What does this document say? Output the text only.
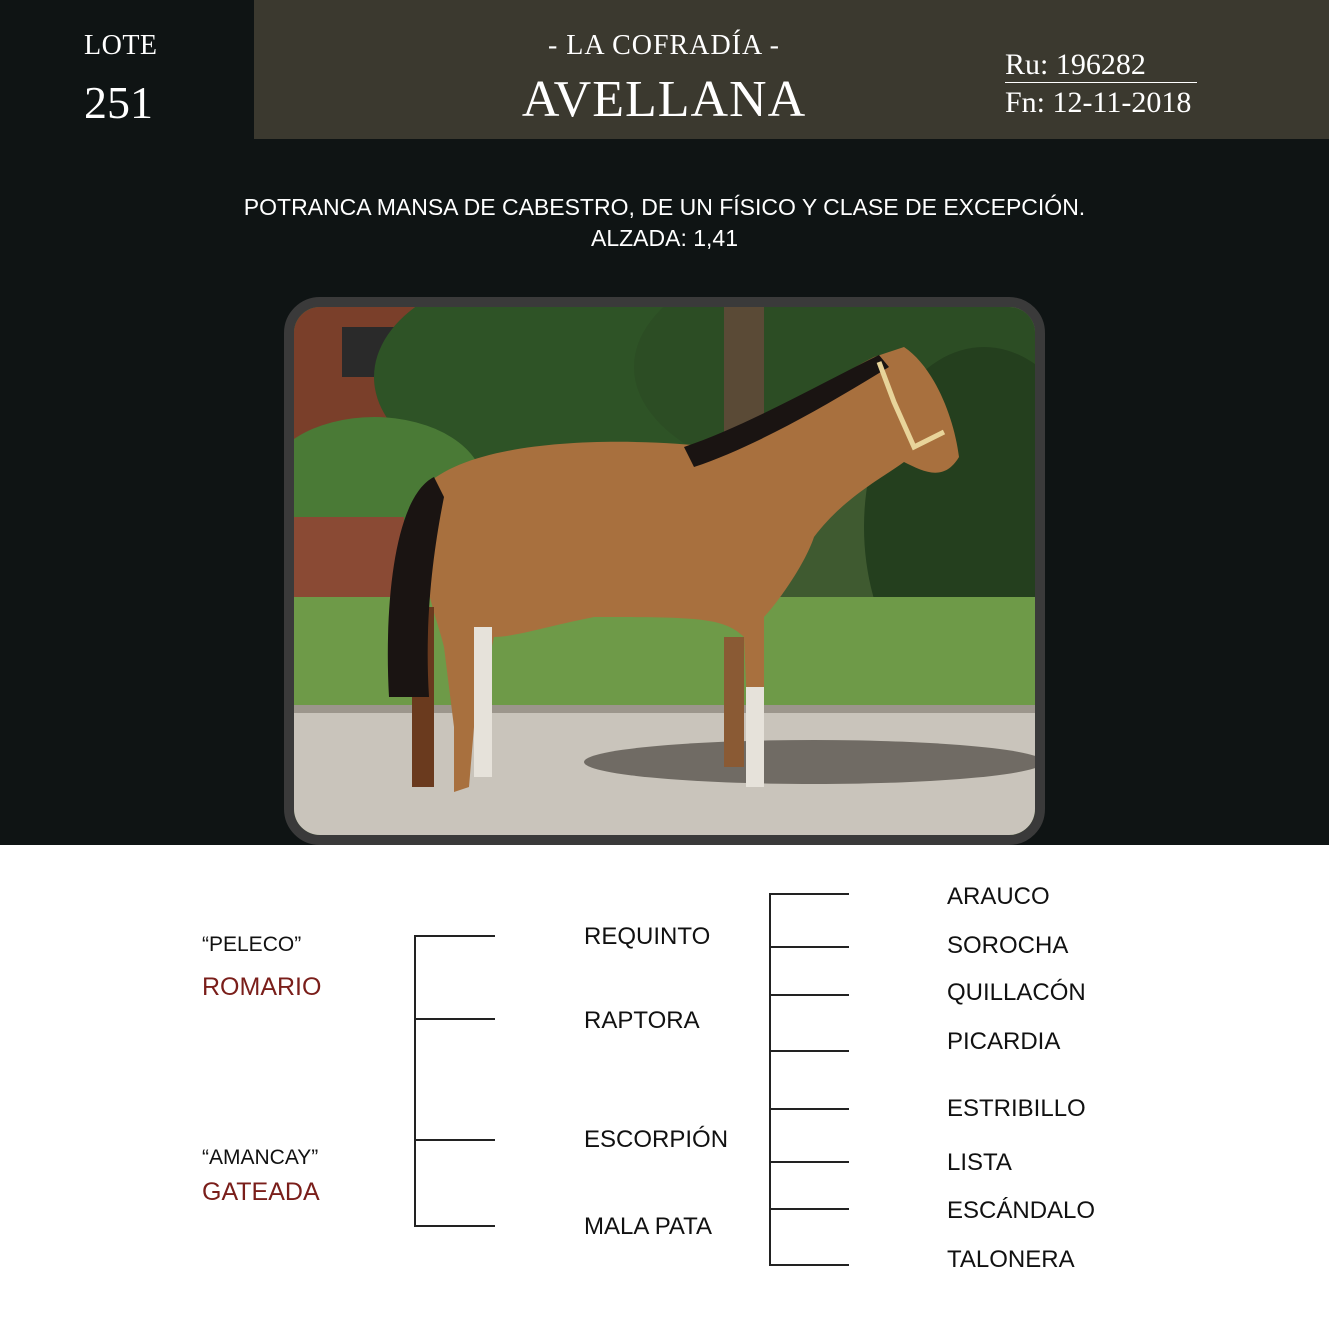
LOTE
251
- LA COFRADÍA -
AVELLANA
Ru: 196282
Fn: 12-11-2018
POTRANCA MANSA DE CABESTRO, DE UN FÍSICO Y CLASE DE EXCEPCIÓN.
ALZADA: 1,41
“PELECO”
ROMARIO
“AMANCAY”
GATEADA
REQUINTO
RAPTORA
ESCORPIÓN
MALA PATA
ARAUCO
SOROCHA
QUILLACÓN
PICARDIA
ESTRIBILLO
LISTA
ESCÁNDALO
TALONERA
